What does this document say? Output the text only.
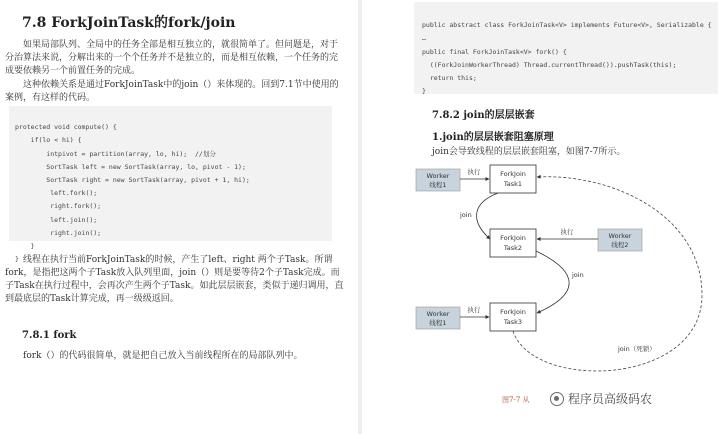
7.8 ForkJoinTask的fork/join

如果局部队列、全局中的任务全部是相互独立的，就很简单了。但问题是，对于分治算法来说，分解出来的一个个任务并不是独立的，而是相互依赖，一个任务的完成要依赖另一个前置任务的完成。

这种依赖关系是通过ForkJoinTask中的join（）来体现的。回到7.1节中使用的案例，有这样的代码。

protected void compute() {
if(lo < hi) {
intpivot = partition(array, lo, hi);  //划分
SortTask left = new SortTask(array, lo, pivot - 1);
SortTask right = new SortTask(array, pivot + 1, hi);
left.fork();
right.fork();
left.join();
right.join();
}
}
线程在执行当前ForkJoinTask的时候，产生了left、right 两个子Task。所谓fork，是指把这两个子Task放入队列里面，join（）则是要等待2个子Task完成。而子Task在执行过程中，会再次产生两个子Task。如此层层嵌套，类似于递归调用，直到最底层的Task计算完成，再一级级返回。

7.8.1 fork

fork（）的代码很简单，就是把自己放入当前线程所在的局部队列中。

public abstract class ForkJoinTask<V> implements Future<V>, Serializable {
…
public final ForkJoinTask<V> fork() {
((ForkJoinWorkerThread) Thread.currentThread()).pushTask(this);
return this;
}

7.8.2 join的层层嵌套
1.join的层层嵌套阻塞原理

join会导致线程的层层嵌套阻塞，如图7-7所示。

Worker
线程1
ForkJoin
Task1
执行
ForkJoin
Task2
Worker
线程2
执行
join
Worker
线程1
ForkJoin
Task3
执行
join
join（死锁）
图7-7 从	程序员高级码农
